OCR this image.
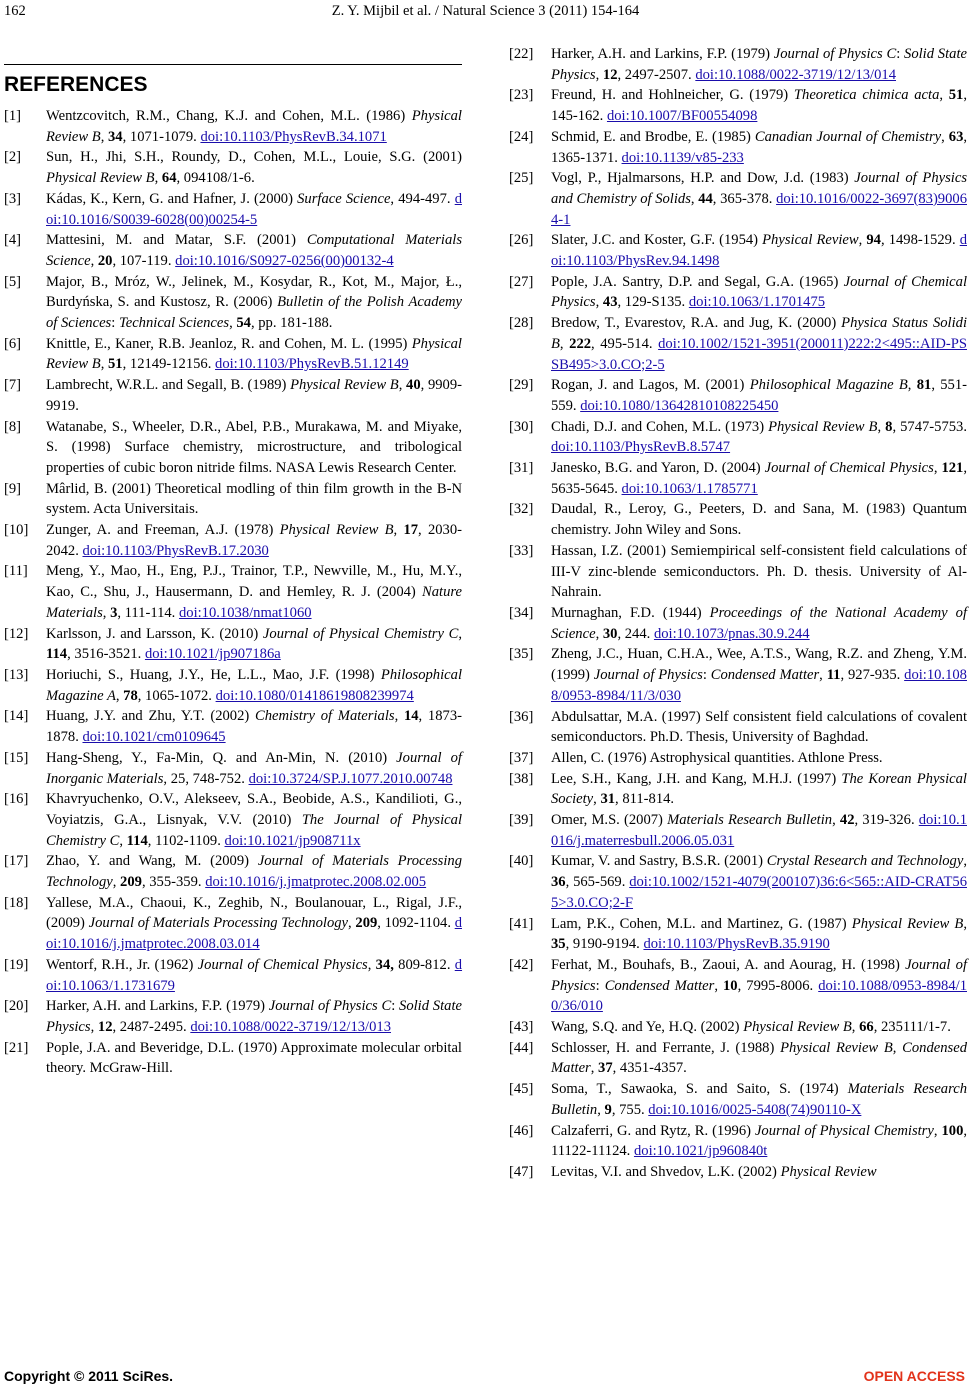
162	Z. Y. Mijbil et al. / Natural Science 3 (2011) 154-164
REFERENCES
[1] Wentzcovitch, R.M., Chang, K.J. and Cohen, M.L. (1986) Physical Review B, 34, 1071-1079. doi:10.1103/PhysRevB.34.1071
[2] Sun, H., Jhi, S.H., Roundy, D., Cohen, M.L., Louie, S.G. (2001) Physical Review B, 64, 094108/1-6.
[3] Kádas, K., Kern, G. and Hafner, J. (2000) Surface Science, 494-497. doi:10.1016/S0039-6028(00)00254-5
[4] Mattesini, M. and Matar, S.F. (2001) Computational Materials Science, 20, 107-119. doi:10.1016/S0927-0256(00)00132-4
[5] Major, B., Mróz, W., Jelinek, M., Kosydar, R., Kot, M., Major, Ł., Burdyńska, S. and Kustosz, R. (2006) Bulletin of the Polish Academy of Sciences: Technical Sciences, 54, pp. 181-188.
[6] Knittle, E., Kaner, R.B. Jeanloz, R. and Cohen, M. L. (1995) Physical Review B, 51, 12149-12156. doi:10.1103/PhysRevB.51.12149
[7] Lambrecht, W.R.L. and Segall, B. (1989) Physical Review B, 40, 9909-9919.
[8] Watanabe, S., Wheeler, D.R., Abel, P.B., Murakawa, M. and Miyake, S. (1998) Surface chemistry, microstructure, and tribological properties of cubic boron nitride films. NASA Lewis Research Center.
[9] Mârlid, B. (2001) Theoretical modling of thin film growth in the B-N system. Acta Universitais.
[10] Zunger, A. and Freeman, A.J. (1978) Physical Review B, 17, 2030-2042. doi:10.1103/PhysRevB.17.2030
[11] Meng, Y., Mao, H., Eng, P.J., Trainor, T.P., Newville, M., Hu, M.Y., Kao, C., Shu, J., Hausermann, D. and Hemley, R. J. (2004) Nature Materials, 3, 111-114. doi:10.1038/nmat1060
[12] Karlsson, J. and Larsson, K. (2010) Journal of Physical Chemistry C, 114, 3516-3521. doi:10.1021/jp907186a
[13] Horiuchi, S., Huang, J.Y., He, L.L., Mao, J.F. (1998) Philosophical Magazine A, 78, 1065-1072. doi:10.1080/01418619808239974
[14] Huang, J.Y. and Zhu, Y.T. (2002) Chemistry of Materials, 14, 1873-1878. doi:10.1021/cm0109645
[15] Hang-Sheng, Y., Fa-Min, Q. and An-Min, N. (2010) Journal of Inorganic Materials, 25, 748-752. doi:10.3724/SP.J.1077.2010.00748
[16] Khavryuchenko, O.V., Alekseev, S.A., Beobide, A.S., Kandilioti, G., Voyiatzis, G.A., Lisnyak, V.V. (2010) The Journal of Physical Chemistry C, 114, 1102-1109. doi:10.1021/jp908711x
[17] Zhao, Y. and Wang, M. (2009) Journal of Materials Processing Technology, 209, 355-359. doi:10.1016/j.jmatprotec.2008.02.005
[18] Yallese, M.A., Chaoui, K., Zeghib, N., Boulanouar, L., Rigal, J.F., (2009) Journal of Materials Processing Technology, 209, 1092-1104. doi:10.1016/j.jmatprotec.2008.03.014
[19] Wentorf, R.H., Jr. (1962) Journal of Chemical Physics, 34, 809-812. doi:10.1063/1.1731679
[20] Harker, A.H. and Larkins, F.P. (1979) Journal of Physics C: Solid State Physics, 12, 2487-2495. doi:10.1088/0022-3719/12/13/013
[21] Pople, J.A. and Beveridge, D.L. (1970) Approximate molecular orbital theory. McGraw-Hill.
[22] Harker, A.H. and Larkins, F.P. (1979) Journal of Physics C: Solid State Physics, 12, 2497-2507. doi:10.1088/0022-3719/12/13/014
[23] Freund, H. and Hohlneicher, G. (1979) Theoretica chimica acta, 51, 145-162. doi:10.1007/BF00554098
[24] Schmid, E. and Brodbe, E. (1985) Canadian Journal of Chemistry, 63, 1365-1371. doi:10.1139/v85-233
[25] Vogl, P., Hjalmarsons, H.P. and Dow, J.d. (1983) Journal of Physics and Chemistry of Solids, 44, 365-378. doi:10.1016/0022-3697(83)90064-1
[26] Slater, J.C. and Koster, G.F. (1954) Physical Review, 94, 1498-1529. doi:10.1103/PhysRev.94.1498
[27] Pople, J.A. Santry, D.P. and Segal, G.A. (1965) Journal of Chemical Physics, 43, 129-S135. doi:10.1063/1.1701475
[28] Bredow, T., Evarestov, R.A. and Jug, K. (2000) Physica Status Solidi B, 222, 495-514. doi:10.1002/1521-3951(200011)222:2<495::AID-PSSB495>3.0.CO;2-5
[29] Rogan, J. and Lagos, M. (2001) Philosophical Magazine B, 81, 551-559. doi:10.1080/13642810108225450
[30] Chadi, D.J. and Cohen, M.L. (1973) Physical Review B, 8, 5747-5753. doi:10.1103/PhysRevB.8.5747
[31] Janesko, B.G. and Yaron, D. (2004) Journal of Chemical Physics, 121, 5635-5645. doi:10.1063/1.1785771
[32] Daudal, R., Leroy, G., Peeters, D. and Sana, M. (1983) Quantum chemistry. John Wiley and Sons.
[33] Hassan, I.Z. (2001) Semiempirical self-consistent field calculations of III-V zinc-blende semiconductors. Ph. D. thesis. University of Al-Nahrain.
[34] Murnaghan, F.D. (1944) Proceedings of the National Academy of Science, 30, 244. doi:10.1073/pnas.30.9.244
[35] Zheng, J.C., Huan, C.H.A., Wee, A.T.S., Wang, R.Z. and Zheng, Y.M. (1999) Journal of Physics: Condensed Matter, 11, 927-935. doi:10.1088/0953-8984/11/3/030
[36] Abdulsattar, M.A. (1997) Self consistent field calculations of covalent semiconductors. Ph.D. Thesis, University of Baghdad.
[37] Allen, C. (1976) Astrophysical quantities. Athlone Press.
[38] Lee, S.H., Kang, J.H. and Kang, M.H.J. (1997) The Korean Physical Society, 31, 811-814.
[39] Omer, M.S. (2007) Materials Research Bulletin, 42, 319-326. doi:10.1016/j.materresbull.2006.05.031
[40] Kumar, V. and Sastry, B.S.R. (2001) Crystal Research and Technology, 36, 565-569. doi:10.1002/1521-4079(200107)36:6<565::AID-CRAT565>3.0.CO;2-F
[41] Lam, P.K., Cohen, M.L. and Martinez, G. (1987) Physical Review B, 35, 9190-9194. doi:10.1103/PhysRevB.35.9190
[42] Ferhat, M., Bouhafs, B., Zaoui, A. and Aourag, H. (1998) Journal of Physics: Condensed Matter, 10, 7995-8006. doi:10.1088/0953-8984/10/36/010
[43] Wang, S.Q. and Ye, H.Q. (2002) Physical Review B, 66, 235111/1-7.
[44] Schlosser, H. and Ferrante, J. (1988) Physical Review B, Condensed Matter, 37, 4351-4357.
[45] Soma, T., Sawaoka, S. and Saito, S. (1974) Materials Research Bulletin, 9, 755. doi:10.1016/0025-5408(74)90110-X
[46] Calzaferri, G. and Rytz, R. (1996) Journal of Physical Chemistry, 100, 11122-11124. doi:10.1021/jp960840t
[47] Levitas, V.I. and Shvedov, L.K. (2002) Physical Review
Copyright © 2011 SciRes.	OPEN ACCESS
